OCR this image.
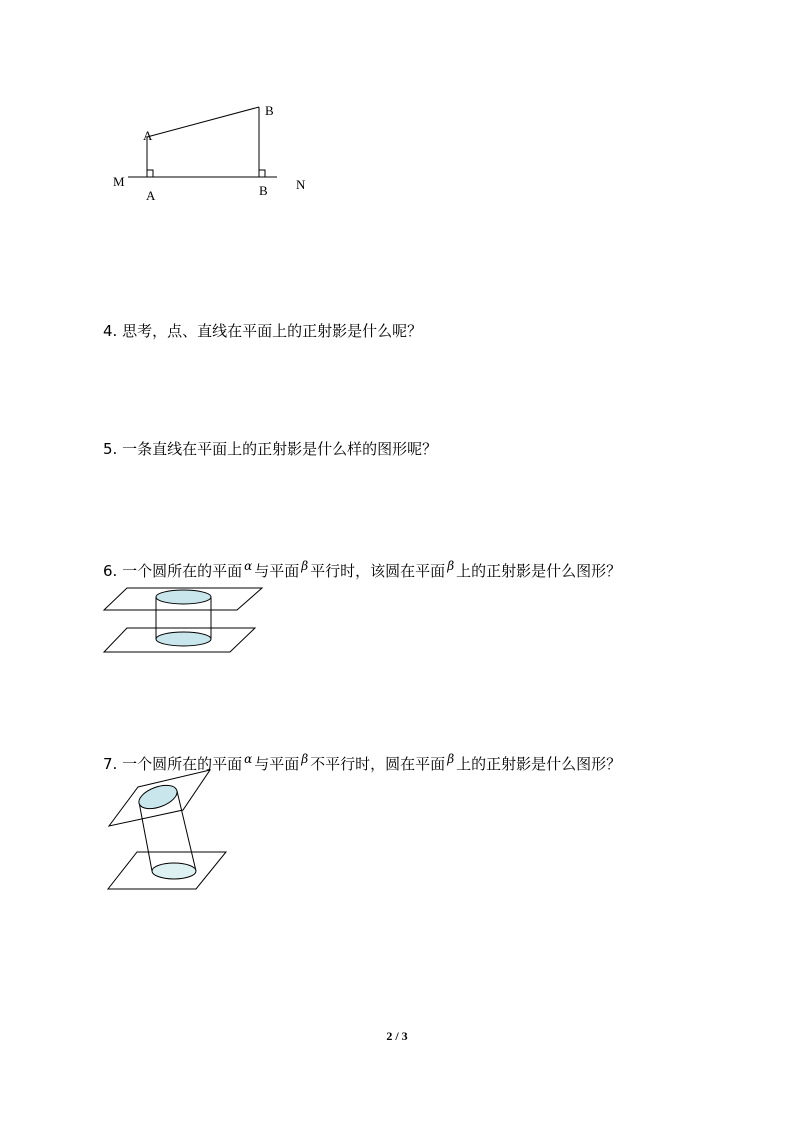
M	N
A
B
A	B
4. 思考，点、直线在平面上的正射影是什么呢？
5. 一条直线在平面上的正射影是什么样的图形呢？
6. 一个圆所在的平面 $^\alpha$ 与平面 $^\beta$ 平行时，该圆在平面 $^\beta$ 上的正射影是什么图形？
7. 一个圆所在的平面 $^\alpha$ 与平面 $^\beta$ 不平行时，圆在平面 $^\beta$ 上的正射影是什么图形？
2 / 3
